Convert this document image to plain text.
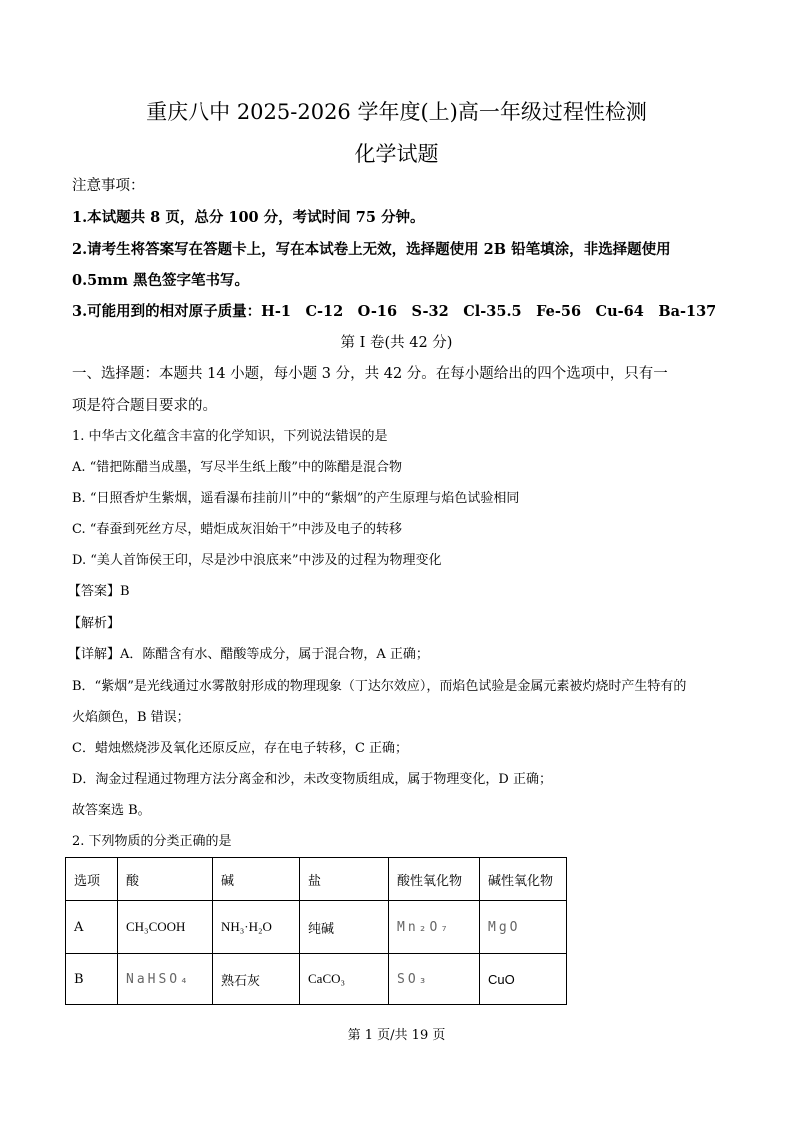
重庆八中 2025-2026 学年度(上)高一年级过程性检测
化学试题
注意事项：
1.本试题共 8 页，总分 100 分，考试时间 75 分钟。
2.请考生将答案写在答题卡上，写在本试卷上无效，选择题使用 2B 铅笔填涂，非选择题使用
0.5mm 黑色签字笔书写。
3.可能用到的相对原子质量：H-1　C-12　O-16　S-32　Cl-35.5　Fe-56　Cu-64　Ba-137
第 I 卷(共 42 分)
一、选择题：本题共 14 小题，每小题 3 分，共 42 分。在每小题给出的四个选项中，只有一
项是符合题目要求的。
1. 中华古文化蕴含丰富的化学知识，下列说法错误的是
A. “错把陈醋当成墨，写尽半生纸上酸”中的陈醋是混合物
B. “日照香炉生紫烟，遥看瀑布挂前川”中的“紫烟”的产生原理与焰色试验相同
C. “春蚕到死丝方尽，蜡炬成灰泪始干”中涉及电子的转移
D. “美人首饰侯王印，尽是沙中浪底来”中涉及的过程为物理变化
【答案】B
【解析】
【详解】A．陈醋含有水、醋酸等成分，属于混合物，A 正确；
B．“紫烟”是光线通过水雾散射形成的物理现象（丁达尔效应），而焰色试验是金属元素被灼烧时产生特有的
火焰颜色，B 错误；
C．蜡烛燃烧涉及氧化还原反应，存在电子转移，C 正确；
D．淘金过程通过物理方法分离金和沙，未改变物质组成，属于物理变化，D 正确；
故答案选 B。
2. 下列物质的分类正确的是
选项	酸	碱	盐	酸性氧化物	碱性氧化物
A	CH₃COOH	NH₃·H₂O	纯碱	Mn₂O₇	MgO
B	NaHSO₄	熟石灰	CaCO₃	SO₃	CuO
第 1 页/共 19 页
